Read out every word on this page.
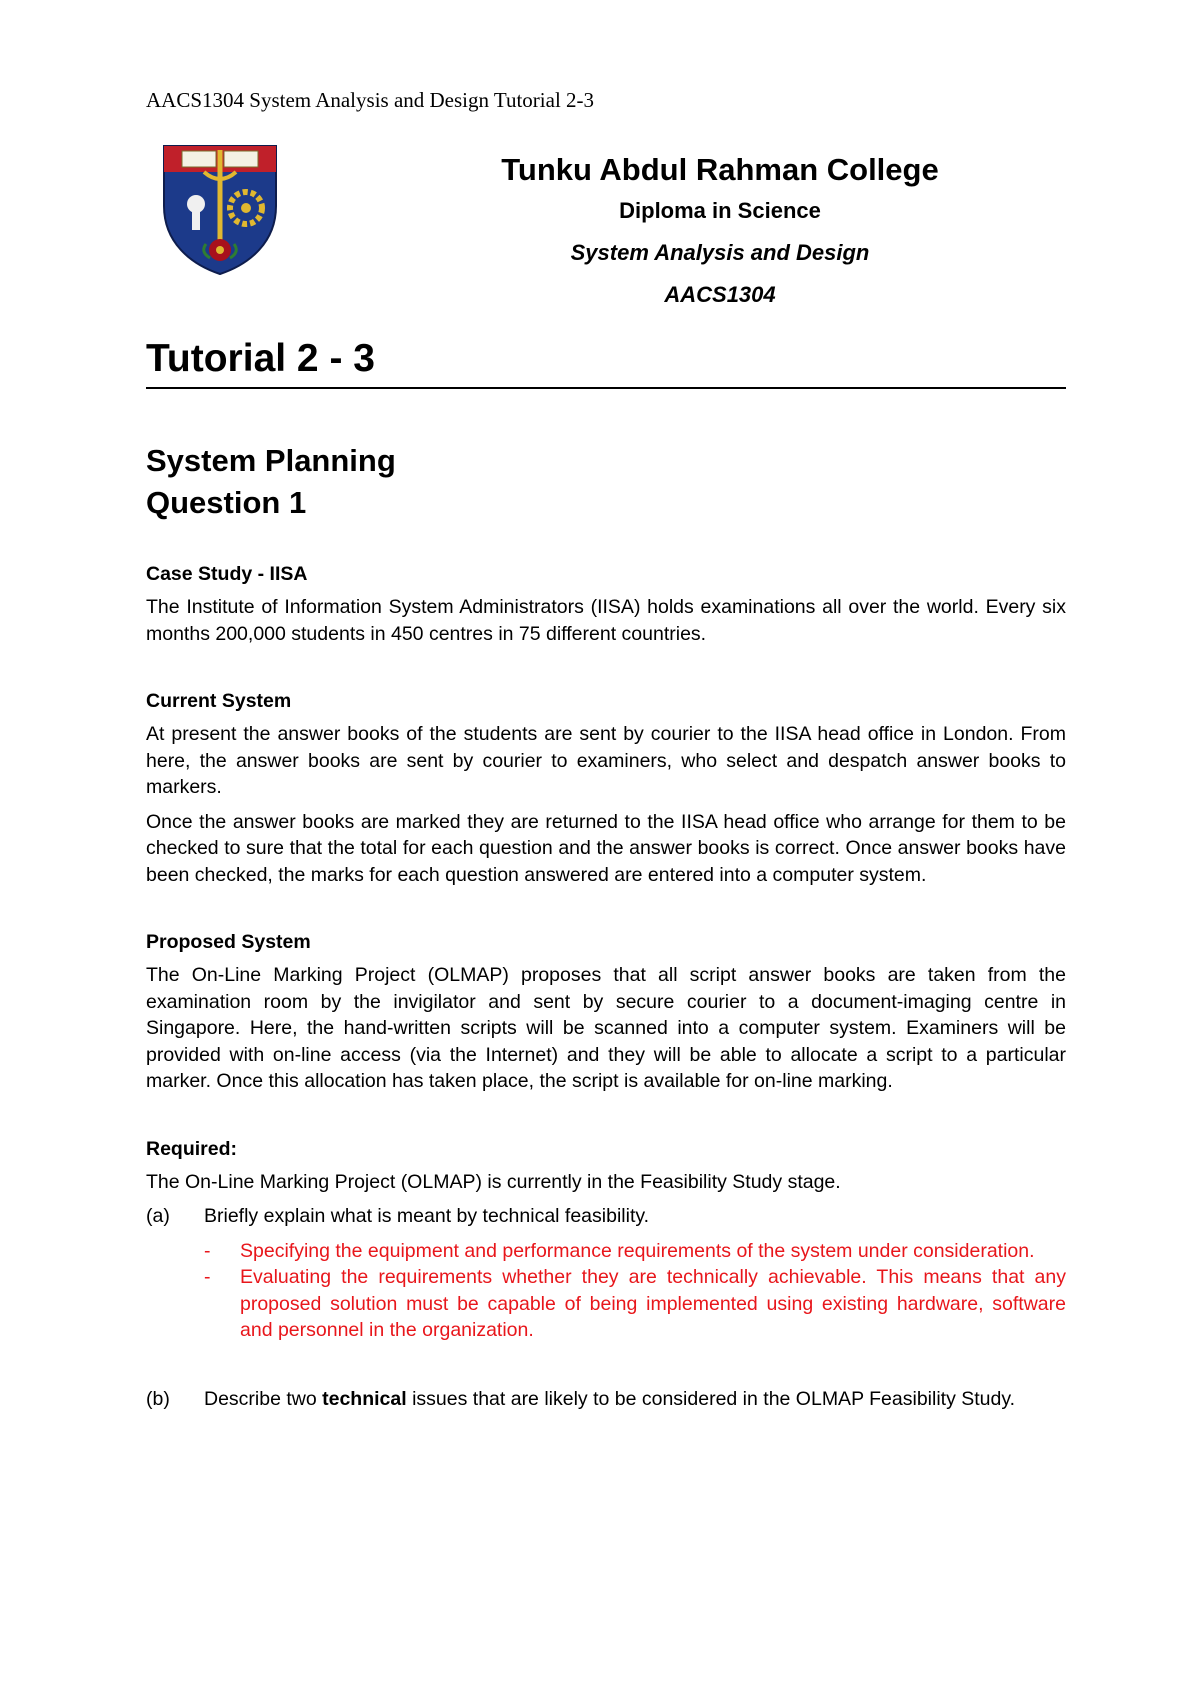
AACS1304 System Analysis and Design Tutorial 2-3

Tunku Abdul Rahman College

Diploma in Science

System Analysis and Design

AACS1304

Tutorial 2 - 3
System Planning
Question 1
Case Study - IISA

The Institute of Information System Administrators (IISA) holds examinations all over the world. Every six months 200,000 students in 450 centres in 75 different countries.

Current System

At present the answer books of the students are sent by courier to the IISA head office in London. From here, the answer books are sent by courier to examiners, who select and despatch answer books to markers.

Once the answer books are marked they are returned to the IISA head office who arrange for them to be checked to sure that the total for each question and the answer books is correct. Once answer books have been checked, the marks for each question answered are entered into a computer system.

Proposed System

The On-Line Marking Project (OLMAP) proposes that all script answer books are taken from the examination room by the invigilator and sent by secure courier to a document-imaging centre in Singapore. Here, the hand-written scripts will be scanned into a computer system. Examiners will be provided with on-line access (via the Internet) and they will be able to allocate a script to a particular marker. Once this allocation has taken place, the script is available for on-line marking.

Required:

The On-Line Marking Project (OLMAP) is currently in the Feasibility Study stage.

(a)	Briefly explain what is meant by technical feasibility.
-	Specifying the equipment and performance requirements of the system under consideration.
-	Evaluating the requirements whether they are technically achievable. This means that any proposed solution must be capable of being implemented using existing hardware, software and personnel in the organization.
(b)	Describe two technical issues that are likely to be considered in the OLMAP Feasibility Study.
